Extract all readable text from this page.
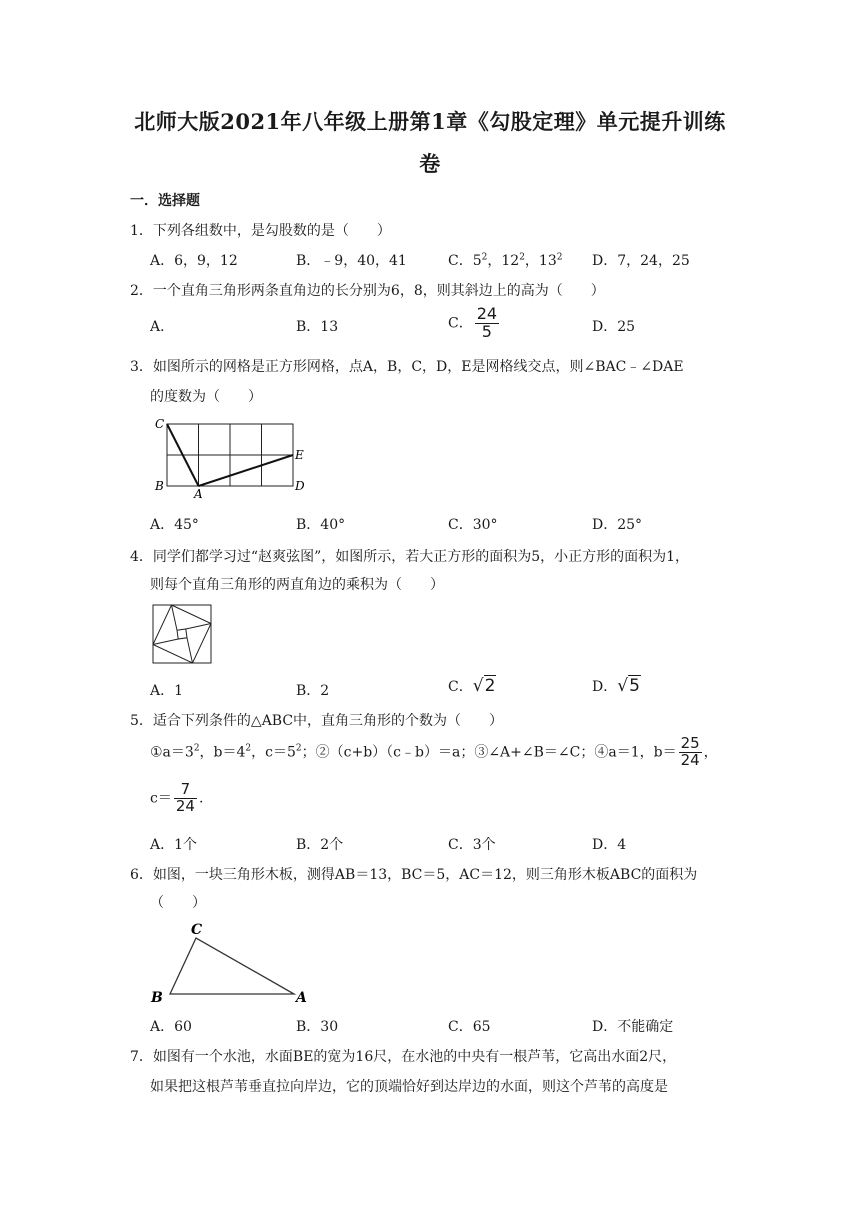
北师大版2021年八年级上册第1章《勾股定理》单元提升训练
卷
一．选择题
1．下列各组数中，是勾股数的是（　　）
A．6，9，12	B．﹣9，40，41	C．$5^2$，$12^2$，$13^2$ D．7，24，25
2．一个直角三角形两条直角边的长分别为6，8，则其斜边上的高为（　　）
A．	B．13	C． $\frac{24}{5}$	D．25
3．如图所示的网格是正方形网格，点A，B，C，D，E是网格线交点，则∠BAC﹣∠DAE
的度数为（　　）
C
B
A
E
D
A．45°	B．40°	C．30°	D．25°
4．同学们都学习过“赵爽弦图”，如图所示，若大正方形的面积为5，小正方形的面积为1，
则每个直角三角形的两直角边的乘积为（　　）
A．1	B．2	C．√2	D．√5
5．适合下列条件的△ABC中，直角三角形的个数为（　　）
$①a=3^2$，$b=4^2$，$c=5^2$；②（c+b）（c﹣b）＝a；③∠A+∠B＝∠C；④a＝1，$b= \frac{25}{24}$ ，
$c= \frac{7}{24}$ .
A．1个	B．2个	C．3个	D．4
6．如图，一块三角形木板，测得AB＝13，BC＝5，AC＝12，则三角形木板ABC的面积为
（　　）
C
B	A
A．60	B．30	C．65	D．不能确定
7．如图有一个水池，水面BE的宽为16尺，在水池的中央有一根芦苇，它高出水面2尺，
如果把这根芦苇垂直拉向岸边，它的顶端恰好到达岸边的水面，则这个芦苇的高度是
